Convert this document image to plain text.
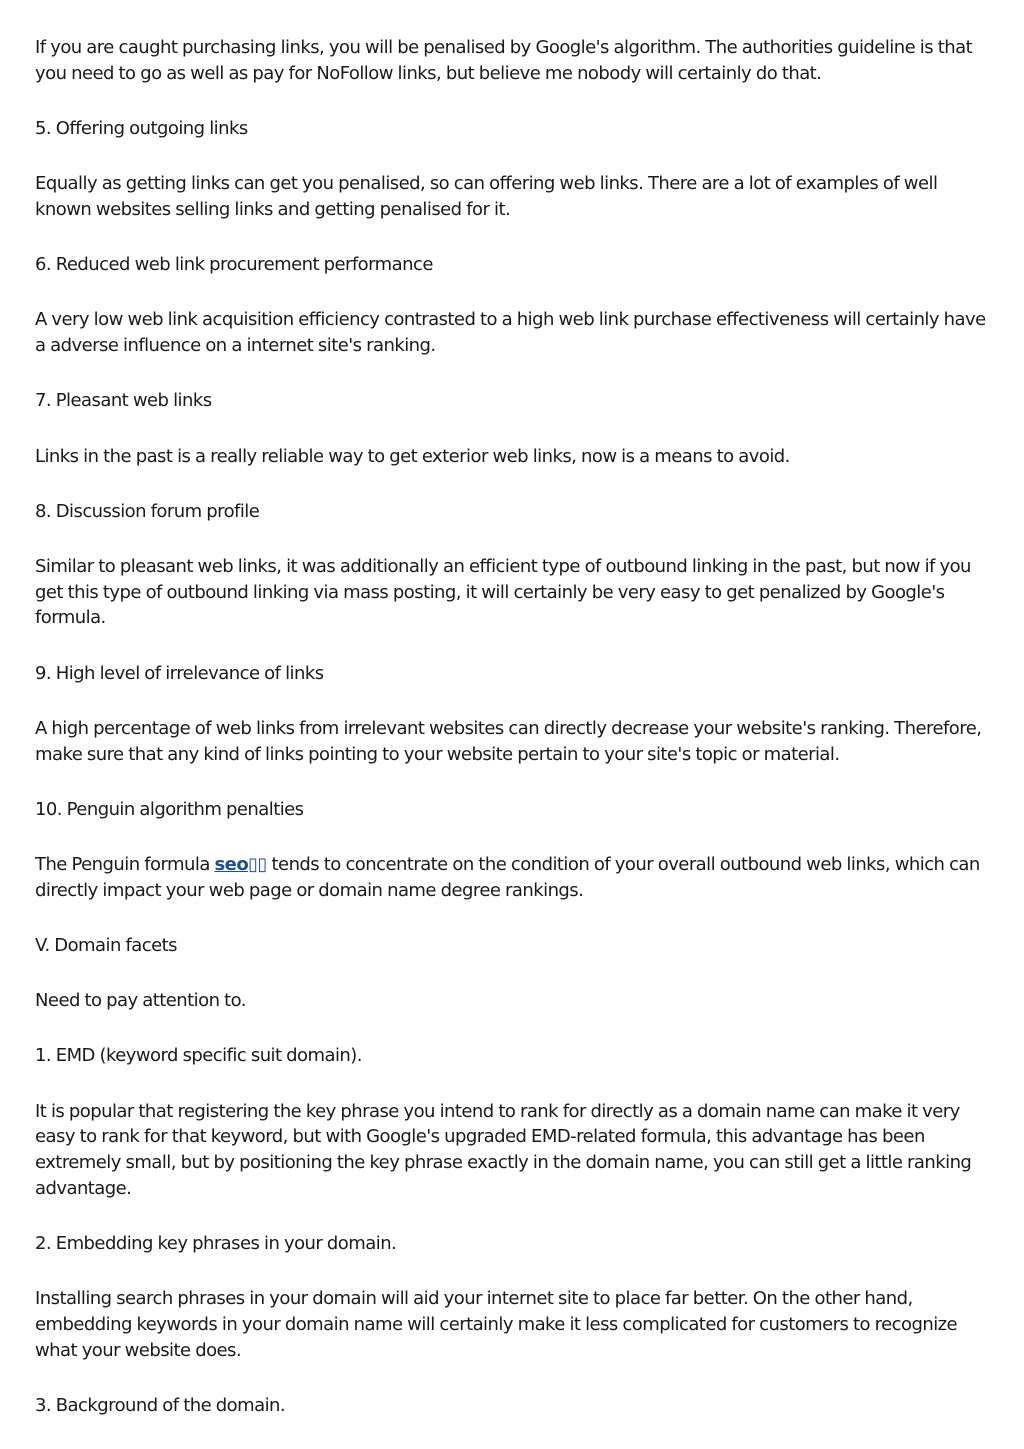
If you are caught purchasing links, you will be penalised by Google's algorithm. The authorities guideline is that you need to go as well as pay for NoFollow links, but believe me nobody will certainly do that.

5. Offering outgoing links

Equally as getting links can get you penalised, so can offering web links. There are a lot of examples of well known websites selling links and getting penalised for it.

6. Reduced web link procurement performance

A very low web link acquisition efficiency contrasted to a high web link purchase effectiveness will certainly have a adverse influence on a internet site's ranking.

7. Pleasant web links

Links in the past is a really reliable way to get exterior web links, now is a means to avoid.

8. Discussion forum profile

Similar to pleasant web links, it was additionally an efficient type of outbound linking in the past, but now if you get this type of outbound linking via mass posting, it will certainly be very easy to get penalized by Google's formula.

9. High level of irrelevance of links

A high percentage of web links from irrelevant websites can directly decrease your website's ranking. Therefore, make sure that any kind of links pointing to your website pertain to your site's topic or material.

10. Penguin algorithm penalties

The Penguin formula seo▯▯ tends to concentrate on the condition of your overall outbound web links, which can directly impact your web page or domain name degree rankings.

V. Domain facets

Need to pay attention to.

1. EMD (keyword specific suit domain).

It is popular that registering the key phrase you intend to rank for directly as a domain name can make it very easy to rank for that keyword, but with Google's upgraded EMD-related formula, this advantage has been extremely small, but by positioning the key phrase exactly in the domain name, you can still get a little ranking advantage.

2. Embedding key phrases in your domain.

Installing search phrases in your domain will aid your internet site to place far better. On the other hand, embedding keywords in your domain name will certainly make it less complicated for customers to recognize what your website does.

3. Background of the domain.
